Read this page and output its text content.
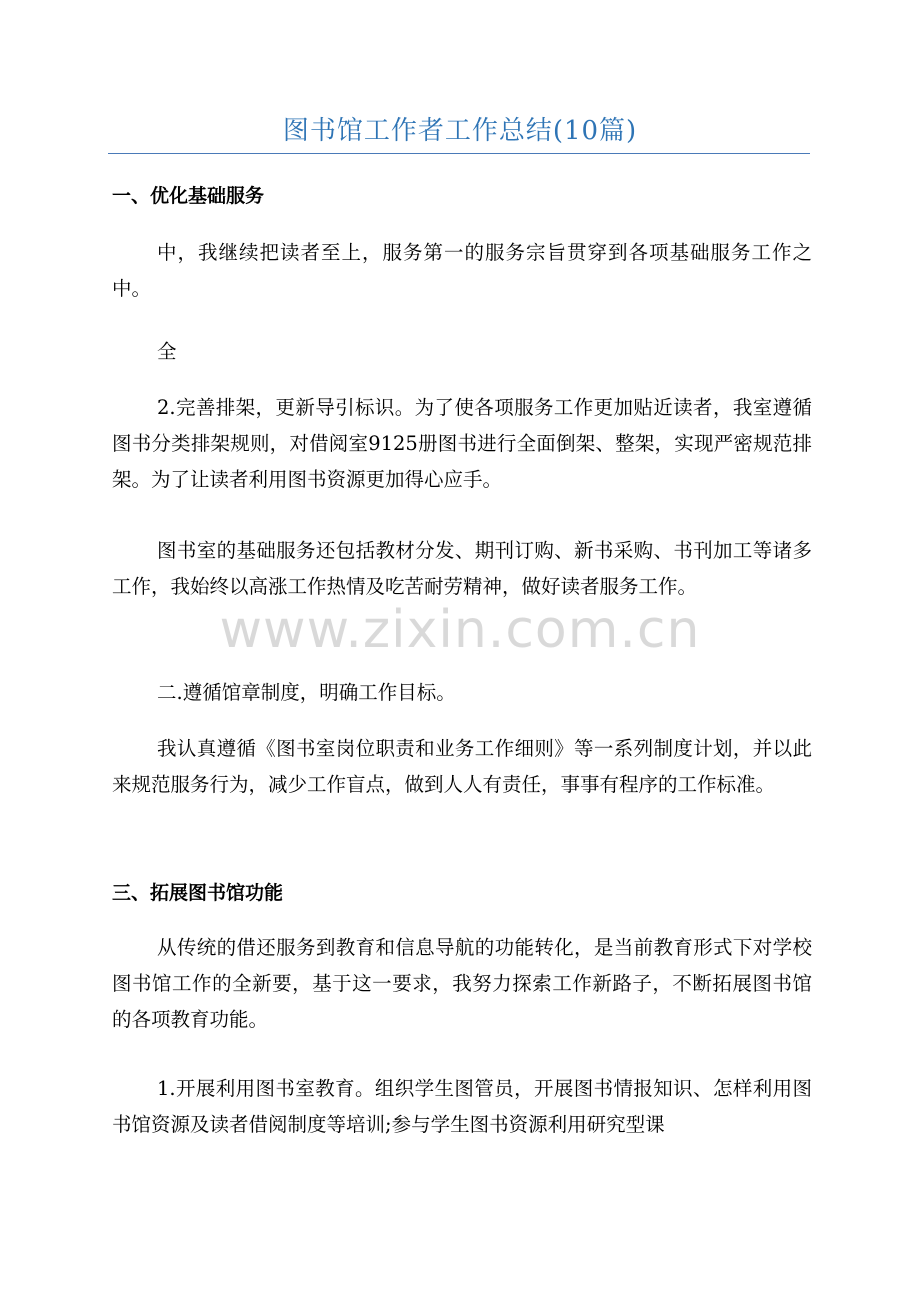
图书馆工作者工作总结(10篇)
一、优化基础服务
中，我继续把读者至上，服务第一的服务宗旨贯穿到各项基础服务工作之中。
全
2.完善排架，更新导引标识。为了使各项服务工作更加贴近读者，我室遵循图书分类排架规则，对借阅室9125册图书进行全面倒架、整架，实现严密规范排架。为了让读者利用图书资源更加得心应手。
图书室的基础服务还包括教材分发、期刊订购、新书采购、书刊加工等诸多工作，我始终以高涨工作热情及吃苦耐劳精神，做好读者服务工作。
二.遵循馆章制度，明确工作目标。
我认真遵循《图书室岗位职责和业务工作细则》等一系列制度计划，并以此来规范服务行为，减少工作盲点，做到人人有责任，事事有程序的工作标准。
三、拓展图书馆功能
从传统的借还服务到教育和信息导航的功能转化，是当前教育形式下对学校图书馆工作的全新要，基于这一要求，我努力探索工作新路子，不断拓展图书馆的各项教育功能。
1.开展利用图书室教育。组织学生图管员，开展图书情报知识、怎样利用图书馆资源及读者借阅制度等培训;参与学生图书资源利用研究型课
www.zixin.com.cn
